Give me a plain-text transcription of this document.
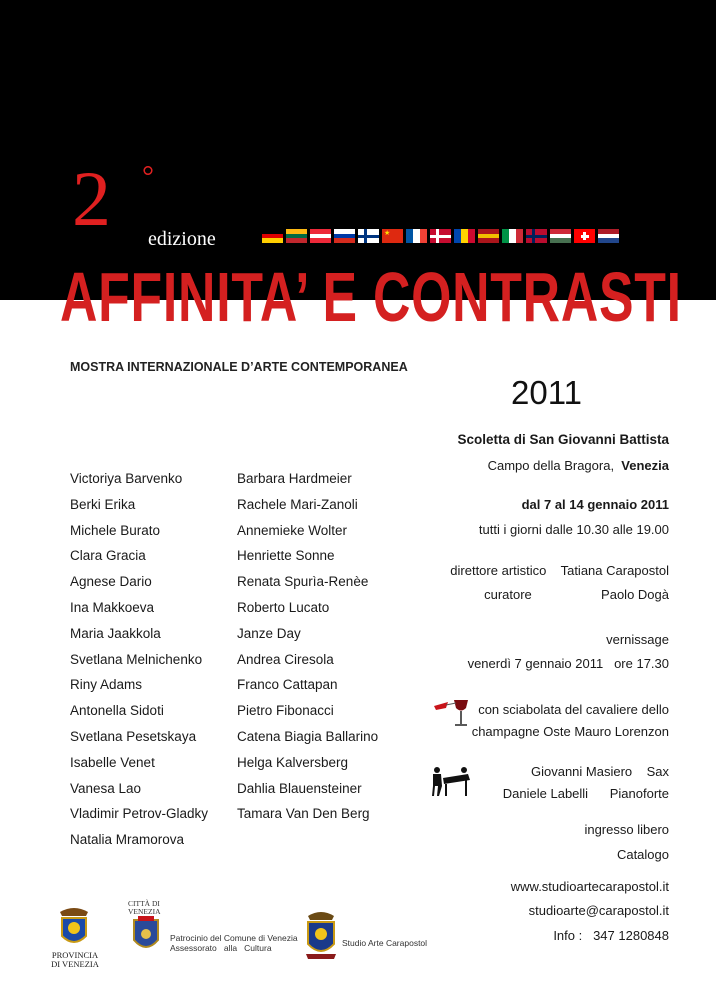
2 °
edizione	★
AFFINITA’ E CONTRASTI
MOSTRA INTERNAZIONALE D’ARTE CONTEMPORANEA
2011
Scoletta di San Giovanni Battista
Campo della Bragora, Venezia
dal 7 al 14 gennaio 2011
tutti i giorni dalle 10.30 alle 19.00
direttore artistico Tatiana Carapostol
curatore	Paolo Dogà
vernissage
venerdì 7 gennaio 2011   ore 17.30
con sciabolata del cavaliere dello
champagne Oste Mauro Lorenzon
Giovanni Masiero Sax
Daniele Labelli Pianoforte
ingresso libero
Catalogo
www.studioartecarapostol.it
studioarte@carapostol.it
Info : 347 1280848
Victoriya Barvenko
Berki Erika
Michele Burato
Clara Gracia
Agnese Dario
Ina Makkoeva
Maria Jaakkola
Svetlana Melnichenko
Riny Adams
Antonella Sidoti
Svetlana Pesetskaya
Isabelle Venet
Vanesa Lao
Vladimir Petrov-Gladky
Natalia Mramorova
Barbara Hardmeier
Rachele Mari-Zanoli
Annemieke Wolter
Henriette Sonne
Renata Spurìa-Renèe
Roberto Lucato
Janze Day
Andrea Ciresola
Franco Cattapan
Pietro Fibonacci
Catena Biagia Ballarino
Helga Kalversberg
Dahlia Blauensteiner
Tamara Van Den Berg
PROVINCIA
DI VENEZIA
CITTÀ DI
VENEZIA
Patrocinio del Comune di Venezia
Assessorato   alla   Cultura	Studio Arte Carapostol
